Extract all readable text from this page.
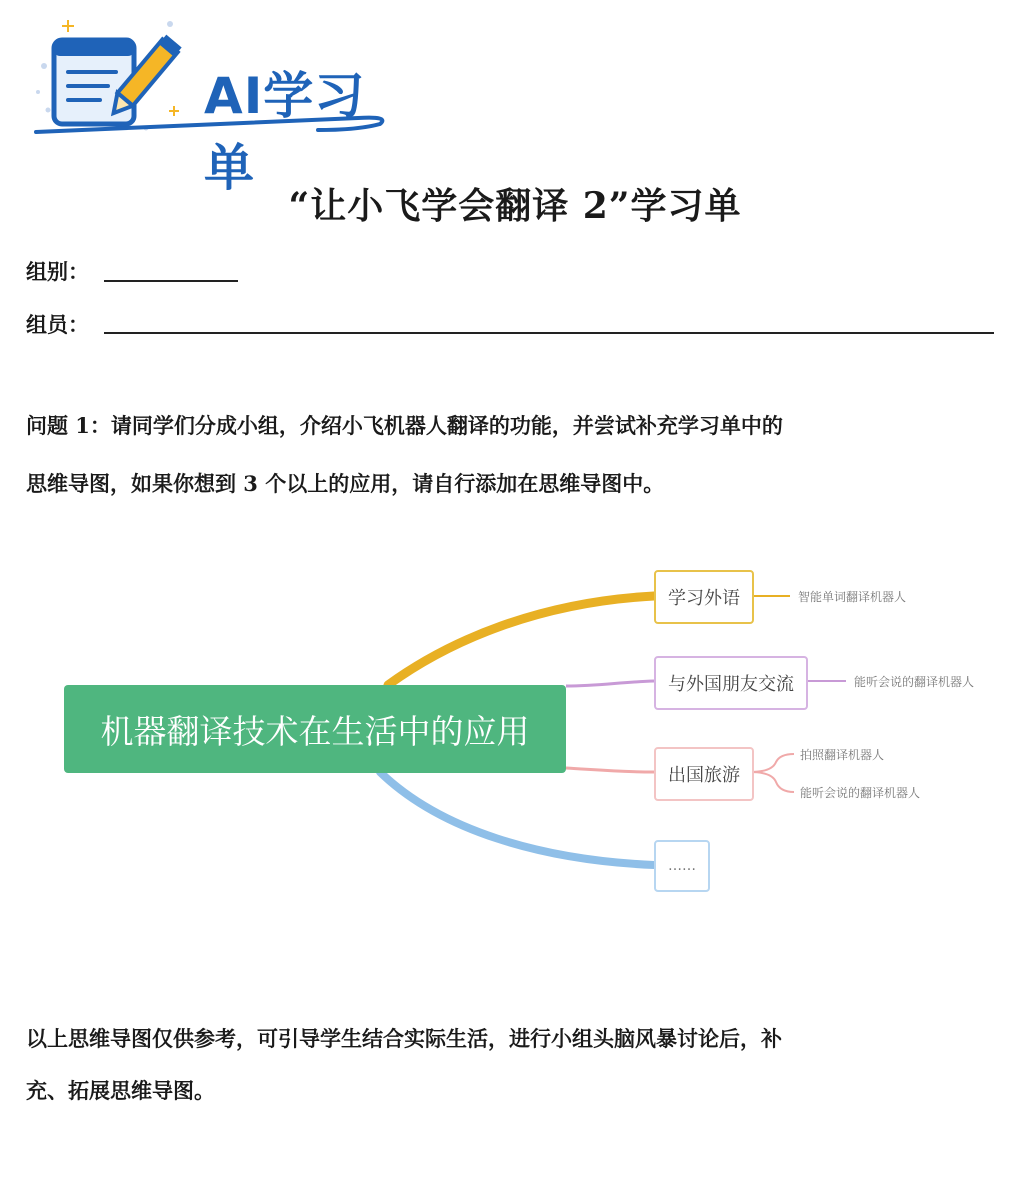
AI学习单
“让小飞学会翻译 2”学习单
组别：
组员：
问题 1：请同学们分成小组，介绍小飞机器人翻译的功能，并尝试补充学习单中的
思维导图，如果你想到 3 个以上的应用，请自行添加在思维导图中。
机器翻译技术在生活中的应用
学习外语	智能单词翻译机器人
与外国朋友交流	能听会说的翻译机器人
出国旅游
拍照翻译机器人
能听会说的翻译机器人
……
以上思维导图仅供参考，可引导学生结合实际生活，进行小组头脑风暴讨论后，补
充、拓展思维导图。
